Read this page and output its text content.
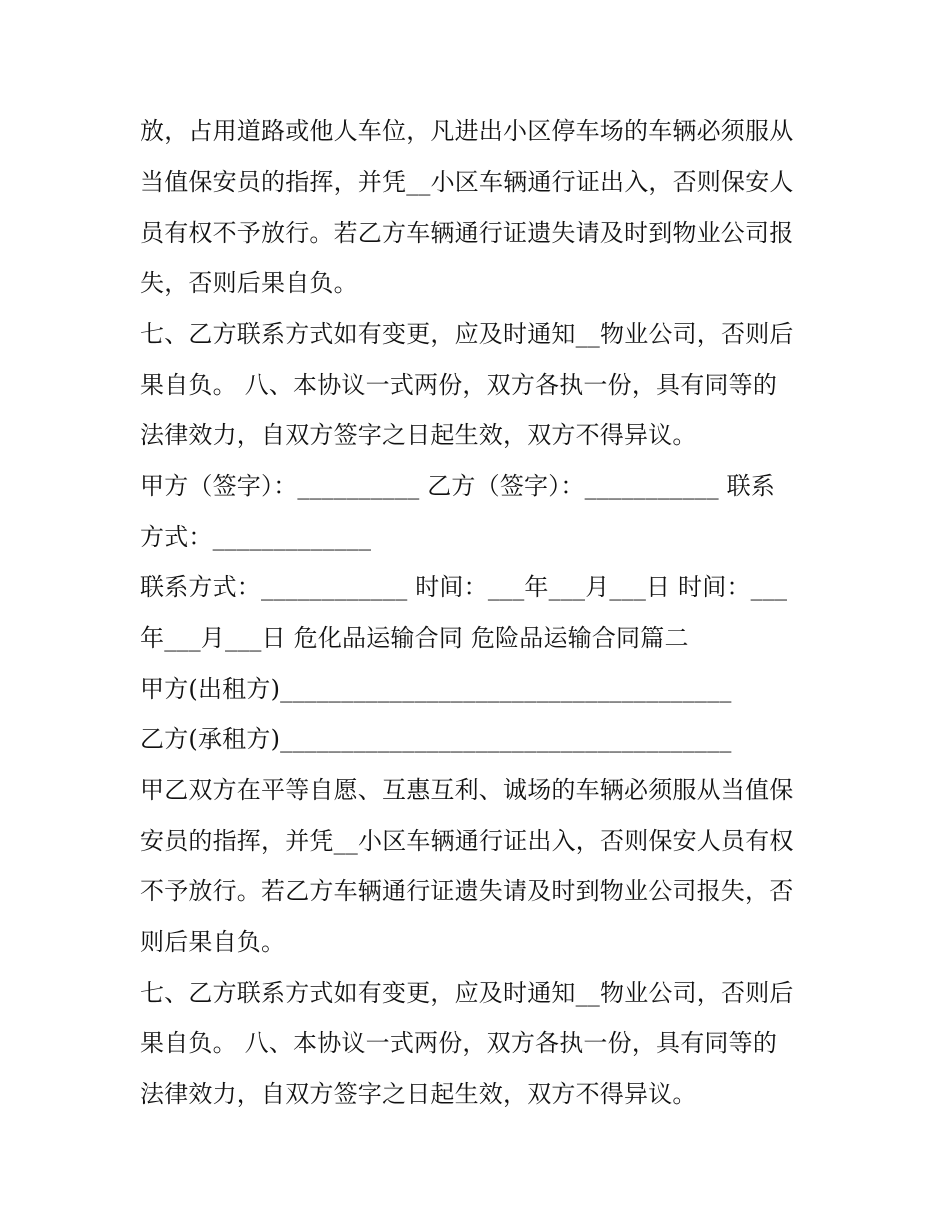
放，占用道路或他人车位，凡进出小区停车场的车辆必须服从
当值保安员的指挥，并凭__小区车辆通行证出入，否则保安人
员有权不予放行。若乙方车辆通行证遗失请及时到物业公司报
失，否则后果自负。
七、乙方联系方式如有变更，应及时通知__物业公司，否则后
果自负。 八、本协议一式两份，双方各执一份，具有同等的
法律效力，自双方签字之日起生效，双方不得异议。
甲方（签字）：__________ 乙方（签字）：___________ 联系
方式：_____________
联系方式：____________ 时间：___年___月___日 时间：___
年___月___日 危化品运输合同 危险品运输合同篇二
甲方(出租方)_____________________________________
乙方(承租方)_____________________________________
甲乙双方在平等自愿、互惠互利、诚场的车辆必须服从当值保
安员的指挥，并凭__小区车辆通行证出入，否则保安人员有权
不予放行。若乙方车辆通行证遗失请及时到物业公司报失，否
则后果自负。
七、乙方联系方式如有变更，应及时通知__物业公司，否则后
果自负。 八、本协议一式两份，双方各执一份，具有同等的
法律效力，自双方签字之日起生效，双方不得异议。
